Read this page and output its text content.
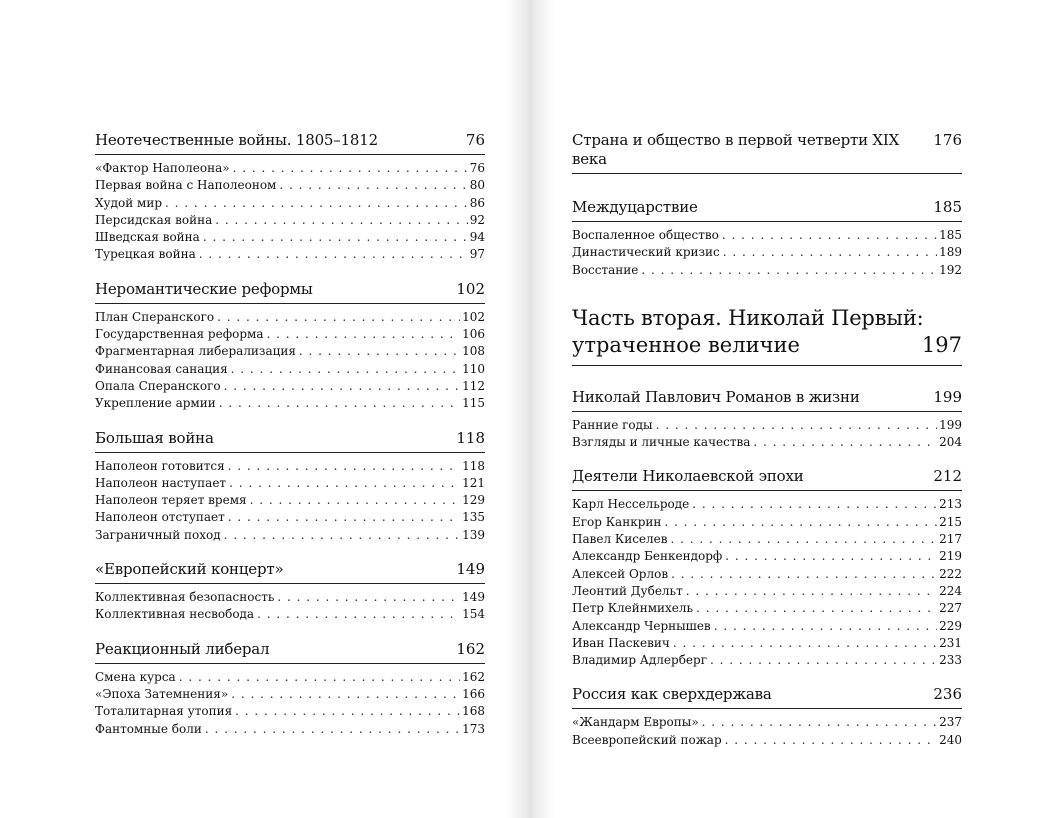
Неотечественные войны. 1805–1812	76
«Фактор Наполеона» . . .	76
Первая война с Наполеоном . . .	80
Худой мир . . .	86
Персидская война . . .	92
Шведская война . . .	94
Турецкая война . . .	97
Неромантические реформы	102
План Сперанского . . .	102
Государственная реформа . . .	106
Фрагментарная либерализация . . .	108
Финансовая санация . . .	110
Опала Сперанского . . .	112
Укрепление армии . . .	115
Большая война	118
Наполеон готовится . . .	118
Наполеон наступает . . .	121
Наполеон теряет время . . .	129
Наполеон отступает . . .	135
Заграничный поход . . .	139
«Европейский концерт»	149
Коллективная безопасность . . .	149
Коллективная несвобода . . .	154
Реакционный либерал	162
Смена курса . . .	162
«Эпоха Затемнения» . . .	166
Тоталитарная утопия . . .	168
Фантомные боли . . .	173
Страна и общество в первой четверти XIX века
176
Междуцарствие	185
Воспаленное общество . . .	185
Династический кризис . . .	189
Восстание . . .	192
Часть вторая. Николай Первый:
утраченное величие	197
Николай Павлович Романов в жизни	199
Ранние годы . . .	199
Взгляды и личные качества . . .	204
Деятели Николаевской эпохи	212
Карл Нессельроде . . .	213
Егор Канкрин . . .	215
Павел Киселев . . .	217
Александр Бенкендорф . . .	219
Алексей Орлов . . .	222
Леонтий Дубельт . . .	224
Петр Клейнмихель . . .	227
Александр Чернышев . . .	229
Иван Паскевич . . .	231
Владимир Адлерберг . . .	233
Россия как сверхдержава	236
«Жандарм Европы» . . .	237
Всеевропейский пожар . . .	240
